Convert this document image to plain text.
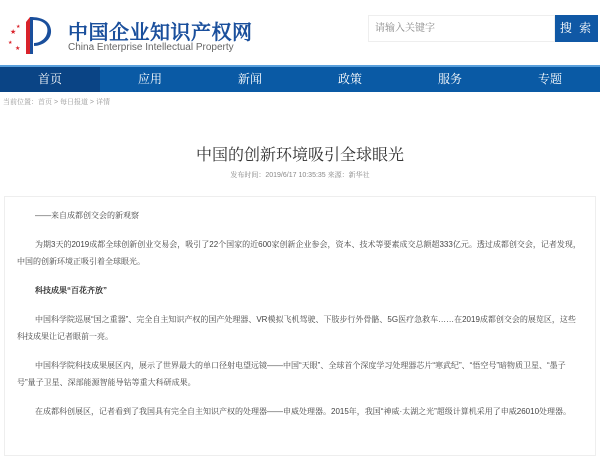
★
★
★
★
中国企业知识产权网
China Enterprise Intellectual Property
请输入关键字	搜 索
首页	应用	新闻	政策	服务	专题
当前位置：首页 > 每日报道 > 详情
中国的创新环境吸引全球眼光
发布时间：2019/6/17 10:35:35 来源：新华社

——来自成都创交会的新观察

为期3天的2019成都全球创新创业交易会，吸引了22个国家的近600家创新企业参会，资本、技术等要素成交总额超333亿元。透过成都创交会，记者发现，中国的创新环境正吸引着全球眼光。

科技成果“百花齐放”

中国科学院巡展“国之重器”、完全自主知识产权的国产处理器、VR模拟飞机驾驶、下肢步行外骨骼、5G医疗急救车……在2019成都创交会的展览区，这些科技成果让记者眼前一亮。

中国科学院科技成果展区内，展示了世界最大的单口径射电望远镜——中国“天眼”、全球首个深度学习处理器芯片“寒武纪”、“悟空号”暗物质卫星、“墨子号”量子卫星、深部能源智能导钻等重大科研成果。

在成都科创展区，记者看到了我国具有完全自主知识产权的处理器——申威处理器。2015年，我国“神威·太湖之光”超级计算机采用了申威26010处理器。
